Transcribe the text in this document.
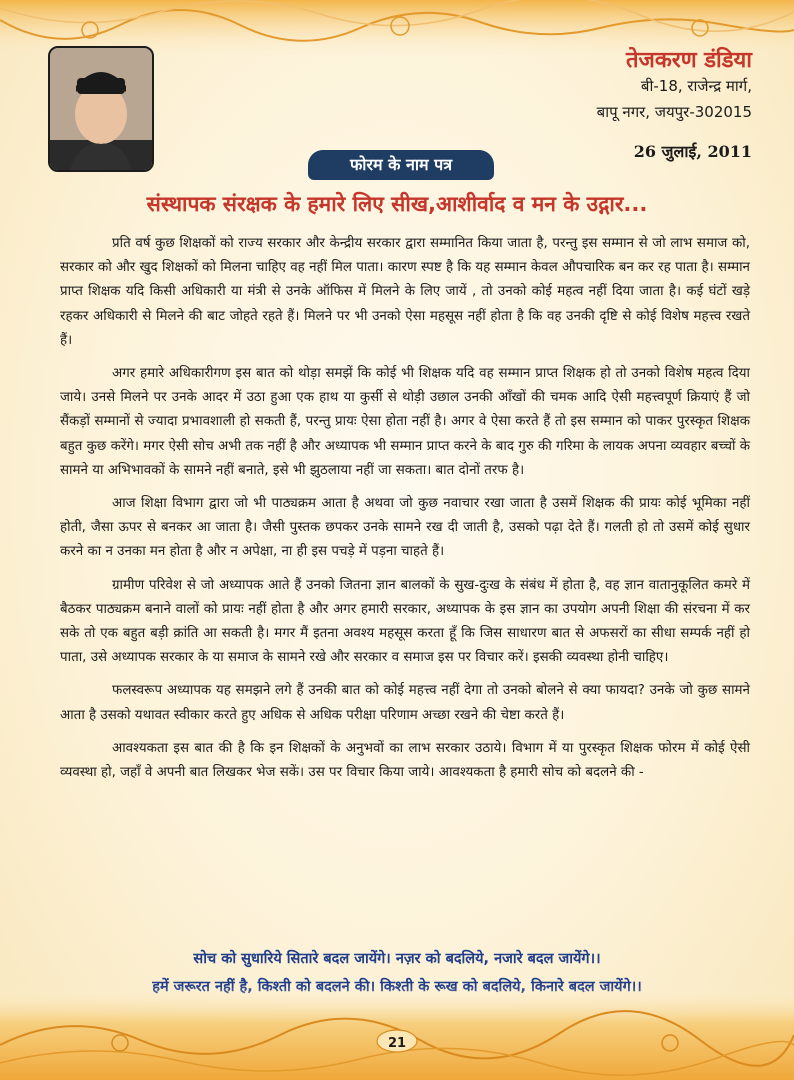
तेजकरण डंडिया
बी-18, राजेन्द्र मार्ग,
बापू नगर, जयपुर-302015
26 जुलाई, 2011
फोरम के नाम पत्र
संस्थापक संरक्षक के हमारे लिए सीख,आशीर्वाद व मन के उद्गार...

प्रति वर्ष कुछ शिक्षकों को राज्य सरकार और केन्द्रीय सरकार द्वारा सम्मानित किया जाता है, परन्तु इस सम्मान से जो लाभ समाज को, सरकार को और खुद शिक्षकों को मिलना चाहिए वह नहीं मिल पाता। कारण स्पष्ट है कि यह सम्मान केवल औपचारिक बन कर रह पाता है। सम्मान प्राप्त शिक्षक यदि किसी अधिकारी या मंत्री से उनके ऑफिस में मिलने के लिए जायें , तो उनको कोई महत्व नहीं दिया जाता है। कई घंटों खड़े रहकर अधिकारी से मिलने की बाट जोहते रहते हैं। मिलने पर भी उनको ऐसा महसूस नहीं होता है कि वह उनकी दृष्टि से कोई विशेष महत्त्व रखते हैं।

अगर हमारे अधिकारीगण इस बात को थोड़ा समझें कि कोई भी शिक्षक यदि वह सम्मान प्राप्त शिक्षक हो तो उनको विशेष महत्व दिया जाये। उनसे मिलने पर उनके आदर में उठा हुआ एक हाथ या कुर्सी से थोड़ी उछाल उनकी आँखों की चमक आदि ऐसी महत्त्वपूर्ण क्रियाएं हैं जो सैंकड़ों सम्मानों से ज्यादा प्रभावशाली हो सकती हैं, परन्तु प्रायः ऐसा होता नहीं है। अगर वे ऐसा करते हैं तो इस सम्मान को पाकर पुरस्कृत शिक्षक बहुत कुछ करेंगे। मगर ऐसी सोच अभी तक नहीं है और अध्यापक भी सम्मान प्राप्त करने के बाद गुरु की गरिमा के लायक अपना व्यवहार बच्चों के सामने या अभिभावकों के सामने नहीं बनाते, इसे भी झुठलाया नहीं जा सकता। बात दोनों तरफ है।

आज शिक्षा विभाग द्वारा जो भी पाठ्यक्रम आता है अथवा जो कुछ नवाचार रखा जाता है उसमें शिक्षक की प्रायः कोई भूमिका नहीं होती, जैसा ऊपर से बनकर आ जाता है। जैसी पुस्तक छपकर उनके सामने रख दी जाती है, उसको पढ़ा देते हैं। गलती हो तो उसमें कोई सुधार करने का न उनका मन होता है और न अपेक्षा, ना ही इस पचड़े में पड़ना चाहते हैं।

ग्रामीण परिवेश से जो अध्यापक आते हैं उनको जितना ज्ञान बालकों के सुख-दुःख के संबंध में होता है, वह ज्ञान वातानुकूलित कमरे में बैठकर पाठ्यक्रम बनाने वालों को प्रायः नहीं होता है और अगर हमारी सरकार, अध्यापक के इस ज्ञान का उपयोग अपनी शिक्षा की संरचना में कर सके तो एक बहुत बड़ी क्रांति आ सकती है। मगर मैं इतना अवश्य महसूस करता हूँ कि जिस साधारण बात से अफसरों का सीधा सम्पर्क नहीं हो पाता, उसे अध्यापक सरकार के या समाज के सामने रखे और सरकार व समाज इस पर विचार करें। इसकी व्यवस्था होनी चाहिए।

फलस्वरूप अध्यापक यह समझने लगे हैं उनकी बात को कोई महत्त्व नहीं देगा तो उनको बोलने से क्या फायदा? उनके जो कुछ सामने आता है उसको यथावत स्वीकार करते हुए अधिक से अधिक परीक्षा परिणाम अच्छा रखने की चेष्टा करते हैं।

आवश्यकता इस बात की है कि इन शिक्षकों के अनुभवों का लाभ सरकार उठाये। विभाग में या पुरस्कृत शिक्षक फोरम में कोई ऐसी व्यवस्था हो, जहाँ वे अपनी बात लिखकर भेज सकें। उस पर विचार किया जाये। आवश्यकता है हमारी सोच को बदलने की -

सोच को सुधारिये सितारे बदल जायेंगे। नज़र को बदलिये, नजारे बदल जायेंगे।।
21
